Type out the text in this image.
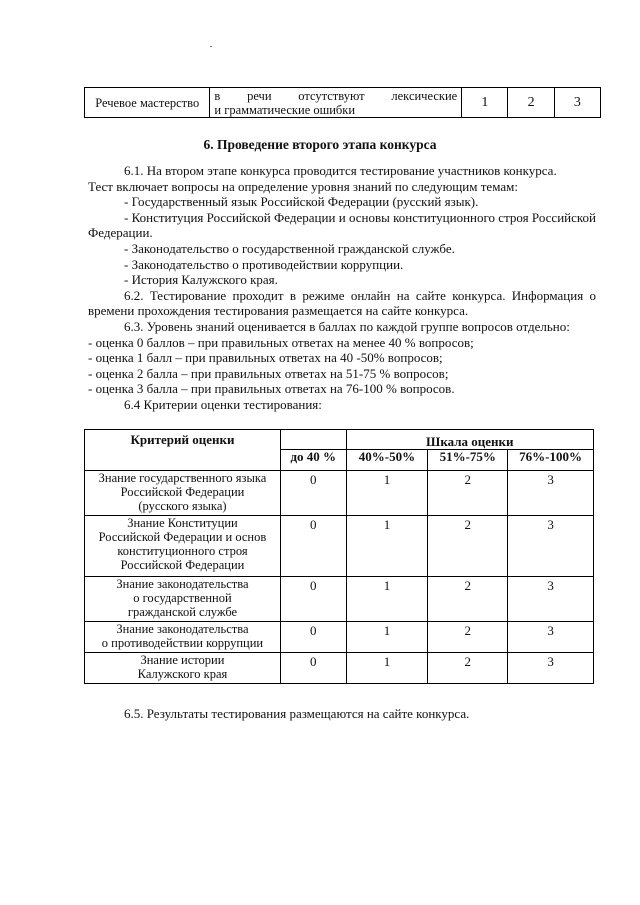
Речевое мастерство	в речи отсутствуют лексические
и грамматические ошибки	1	2	3
6. Проведение второго этапа конкурса

6.1. На втором этапе конкурса проводится тестирование участников конкурса.

Тест включает вопросы на определение уровня знаний по следующим темам:

- Государственный язык Российской Федерации (русский язык).

- Конституция Российской Федерации и основы конституционного строя Российской Федерации.

- Законодательство о государственной гражданской службе.

- Законодательство о противодействии коррупции.

- История Калужского края.

6.2. Тестирование проходит в режиме онлайн на сайте конкурса. Информация о времени прохождения тестирования размещается на сайте конкурса.

6.3. Уровень знаний оценивается в баллах по каждой группе вопросов отдельно:

- оценка 0 баллов – при правильных ответах на менее 40 % вопросов;

- оценка 1 балл – при правильных ответах на 40 -50% вопросов;

- оценка 2 балла – при правильных ответах на 51-75 % вопросов;

- оценка 3 балла – при правильных ответах на 76-100 % вопросов.

6.4 Критерии оценки тестирования:

Критерий оценки		Шкала оценки		
	до 40 %	40%-50%	51%-75%	76%-100%

Знание государственного языка
Российской Федерации
(русского языка)	0	1	2	3

Знание Конституции
Российской Федерации и основ
конституционного строя
Российской Федерации	0	1	2	3

Знание законодательства
о государственной
гражданской службе	0	1	2	3

Знание законодательства
о противодействии коррупции	0	1	2	3

Знание истории
Калужского края	0	1	2	3
6.5. Результаты тестирования размещаются на сайте конкурса.
